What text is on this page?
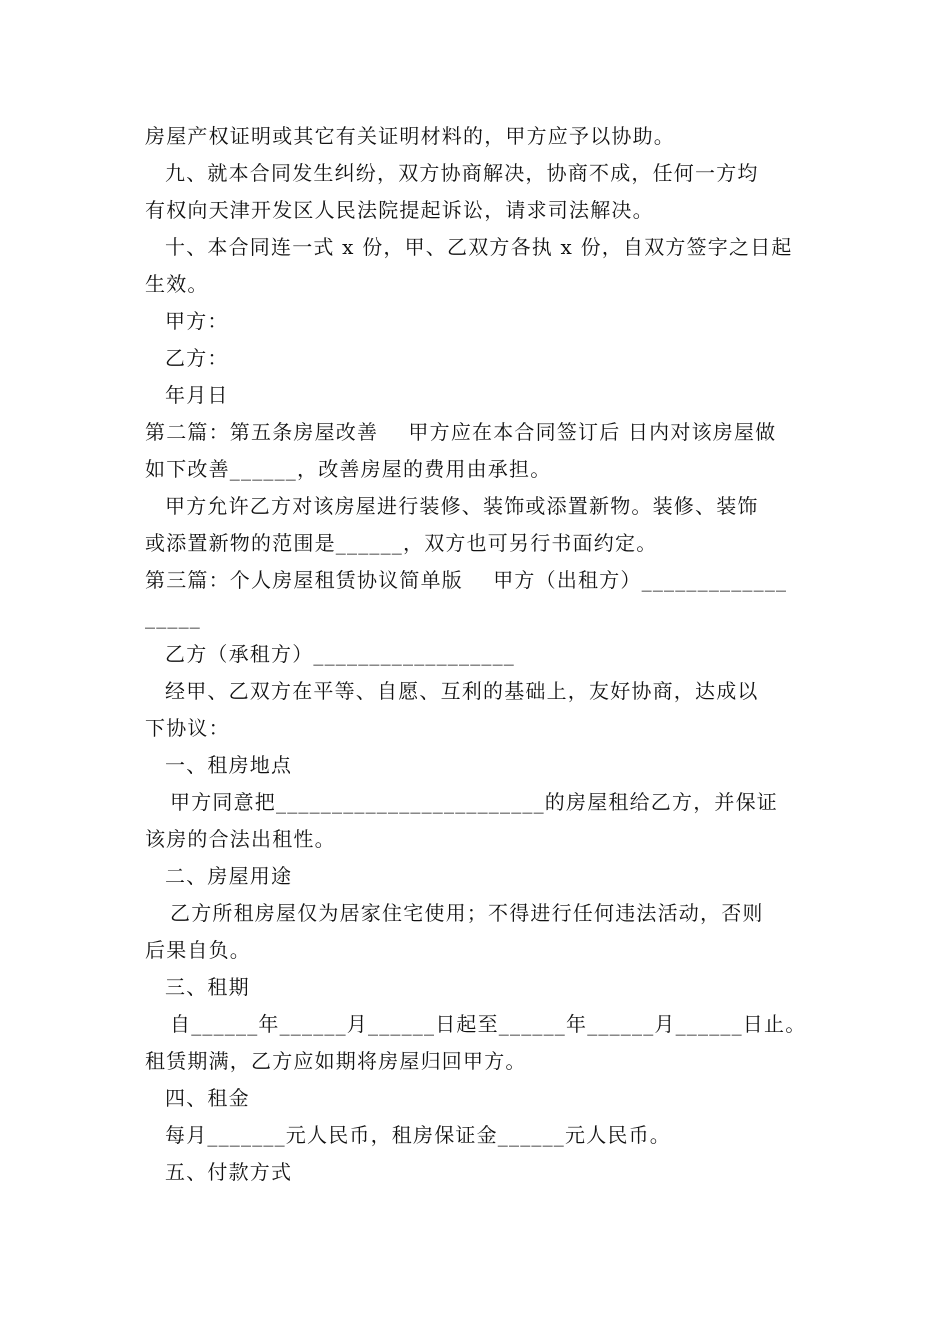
房屋产权证明或其它有关证明材料的，甲方应予以协助。
九、就本合同发生纠纷，双方协商解决，协商不成，任何一方均
有权向天津开发区人民法院提起诉讼，请求司法解决。
十、本合同连一式 x 份，甲、乙双方各执 x 份，自双方签字之日起
生效。
甲方：
乙方：
年月日
第二篇：第五条房屋改善    甲方应在本合同签订后 日内对该房屋做
如下改善______，改善房屋的费用由承担。
甲方允许乙方对该房屋进行装修、装饰或添置新物。装修、装饰
或添置新物的范围是______，双方也可另行书面约定。
第三篇：个人房屋租赁协议简单版    甲方（出租方）_____________
_____
乙方（承租方）__________________
经甲、乙双方在平等、自愿、互利的基础上，友好协商，达成以
下协议：
一、租房地点
甲方同意把________________________的房屋租给乙方，并保证
该房的合法出租性。
二、房屋用途
乙方所租房屋仅为居家住宅使用；不得进行任何违法活动，否则
后果自负。
三、租期
自______年______月______日起至______年______月______日止。
租赁期满，乙方应如期将房屋归回甲方。
四、租金
每月_______元人民币，租房保证金______元人民币。
五、付款方式
